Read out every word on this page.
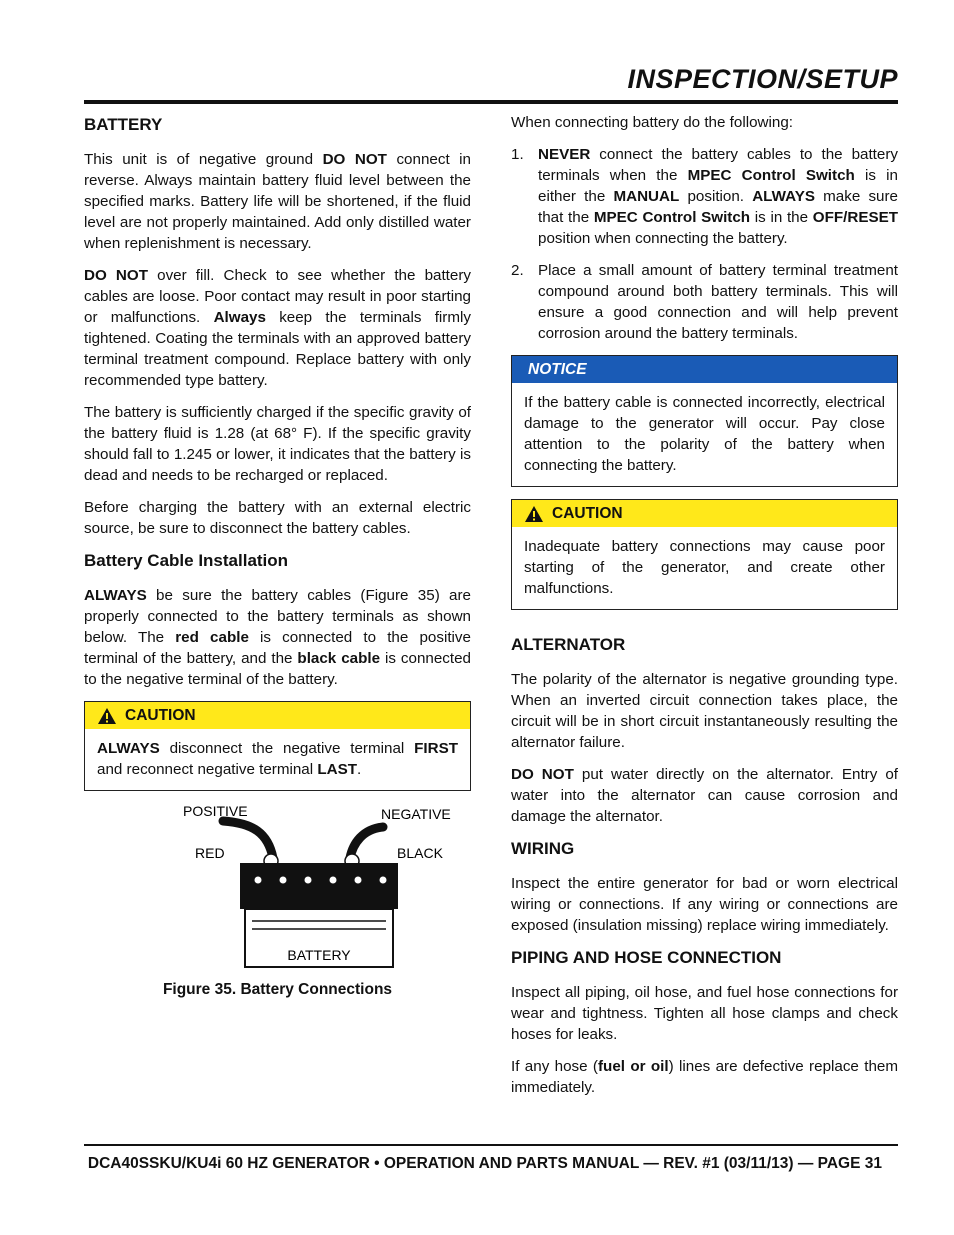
INSPECTION/SETUP
BATTERY

This unit is of negative ground DO NOT connect in reverse. Always maintain battery fluid level between the specified marks. Battery life will be shortened, if the fluid level are not properly maintained. Add only distilled water when replenishment is necessary.

DO NOT over fill. Check to see whether the battery cables are loose. Poor contact may result in poor starting or malfunctions. Always keep the terminals firmly tightened. Coating the terminals with an approved battery terminal treatment compound. Replace battery with only recommended type battery.

The battery is sufficiently charged if the specific gravity of the battery fluid is 1.28 (at 68° F). If the specific gravity should fall to 1.245 or lower, it indicates that the battery is dead and needs to be recharged or replaced.

Before charging the battery with an external electric source, be sure to disconnect the battery cables.

Battery Cable Installation

ALWAYS be sure the battery cables (Figure 35) are properly connected to the battery terminals as shown below. The red cable is connected to the positive terminal of the battery, and the black cable is connected to the negative terminal of the battery.

CAUTION

ALWAYS disconnect the negative terminal FIRST and reconnect negative terminal LAST.

POSITIVE	NEGATIVE
RED	BLACK
BATTERY
Figure 35. Battery Connections

When connecting battery do the following:

1. NEVER connect the battery cables to the battery terminals when the MPEC Control Switch is in either the MANUAL position. ALWAYS make sure that the MPEC Control Switch is in the OFF/RESET position when connecting the battery.
2. Place a small amount of battery terminal treatment compound around both battery terminals. This will ensure a good connection and will help prevent corrosion around the battery terminals.
NOTICE

If the battery cable is connected incorrectly, electrical damage to the generator will occur. Pay close attention to the polarity of the battery when connecting the battery.

CAUTION

Inadequate battery connections may cause poor starting of the generator, and create other malfunctions.

ALTERNATOR

The polarity of the alternator is negative grounding type. When an inverted circuit connection takes place, the circuit will be in short circuit instantaneously resulting the alternator failure.

DO NOT put water directly on the alternator. Entry of water into the alternator can cause corrosion and damage the alternator.

WIRING

Inspect the entire generator for bad or worn electrical wiring or connections. If any wiring or connections are exposed (insulation missing) replace wiring immediately.

PIPING AND HOSE CONNECTION

Inspect all piping, oil hose, and fuel hose connections for wear and tightness. Tighten all hose clamps and check hoses for leaks.

If any hose (fuel or oil) lines are defective replace them immediately.

DCA40SSKU/KU4i 60 HZ GENERATOR • OPERATION AND PARTS MANUAL — REV. #1 (03/11/13) — PAGE 31
